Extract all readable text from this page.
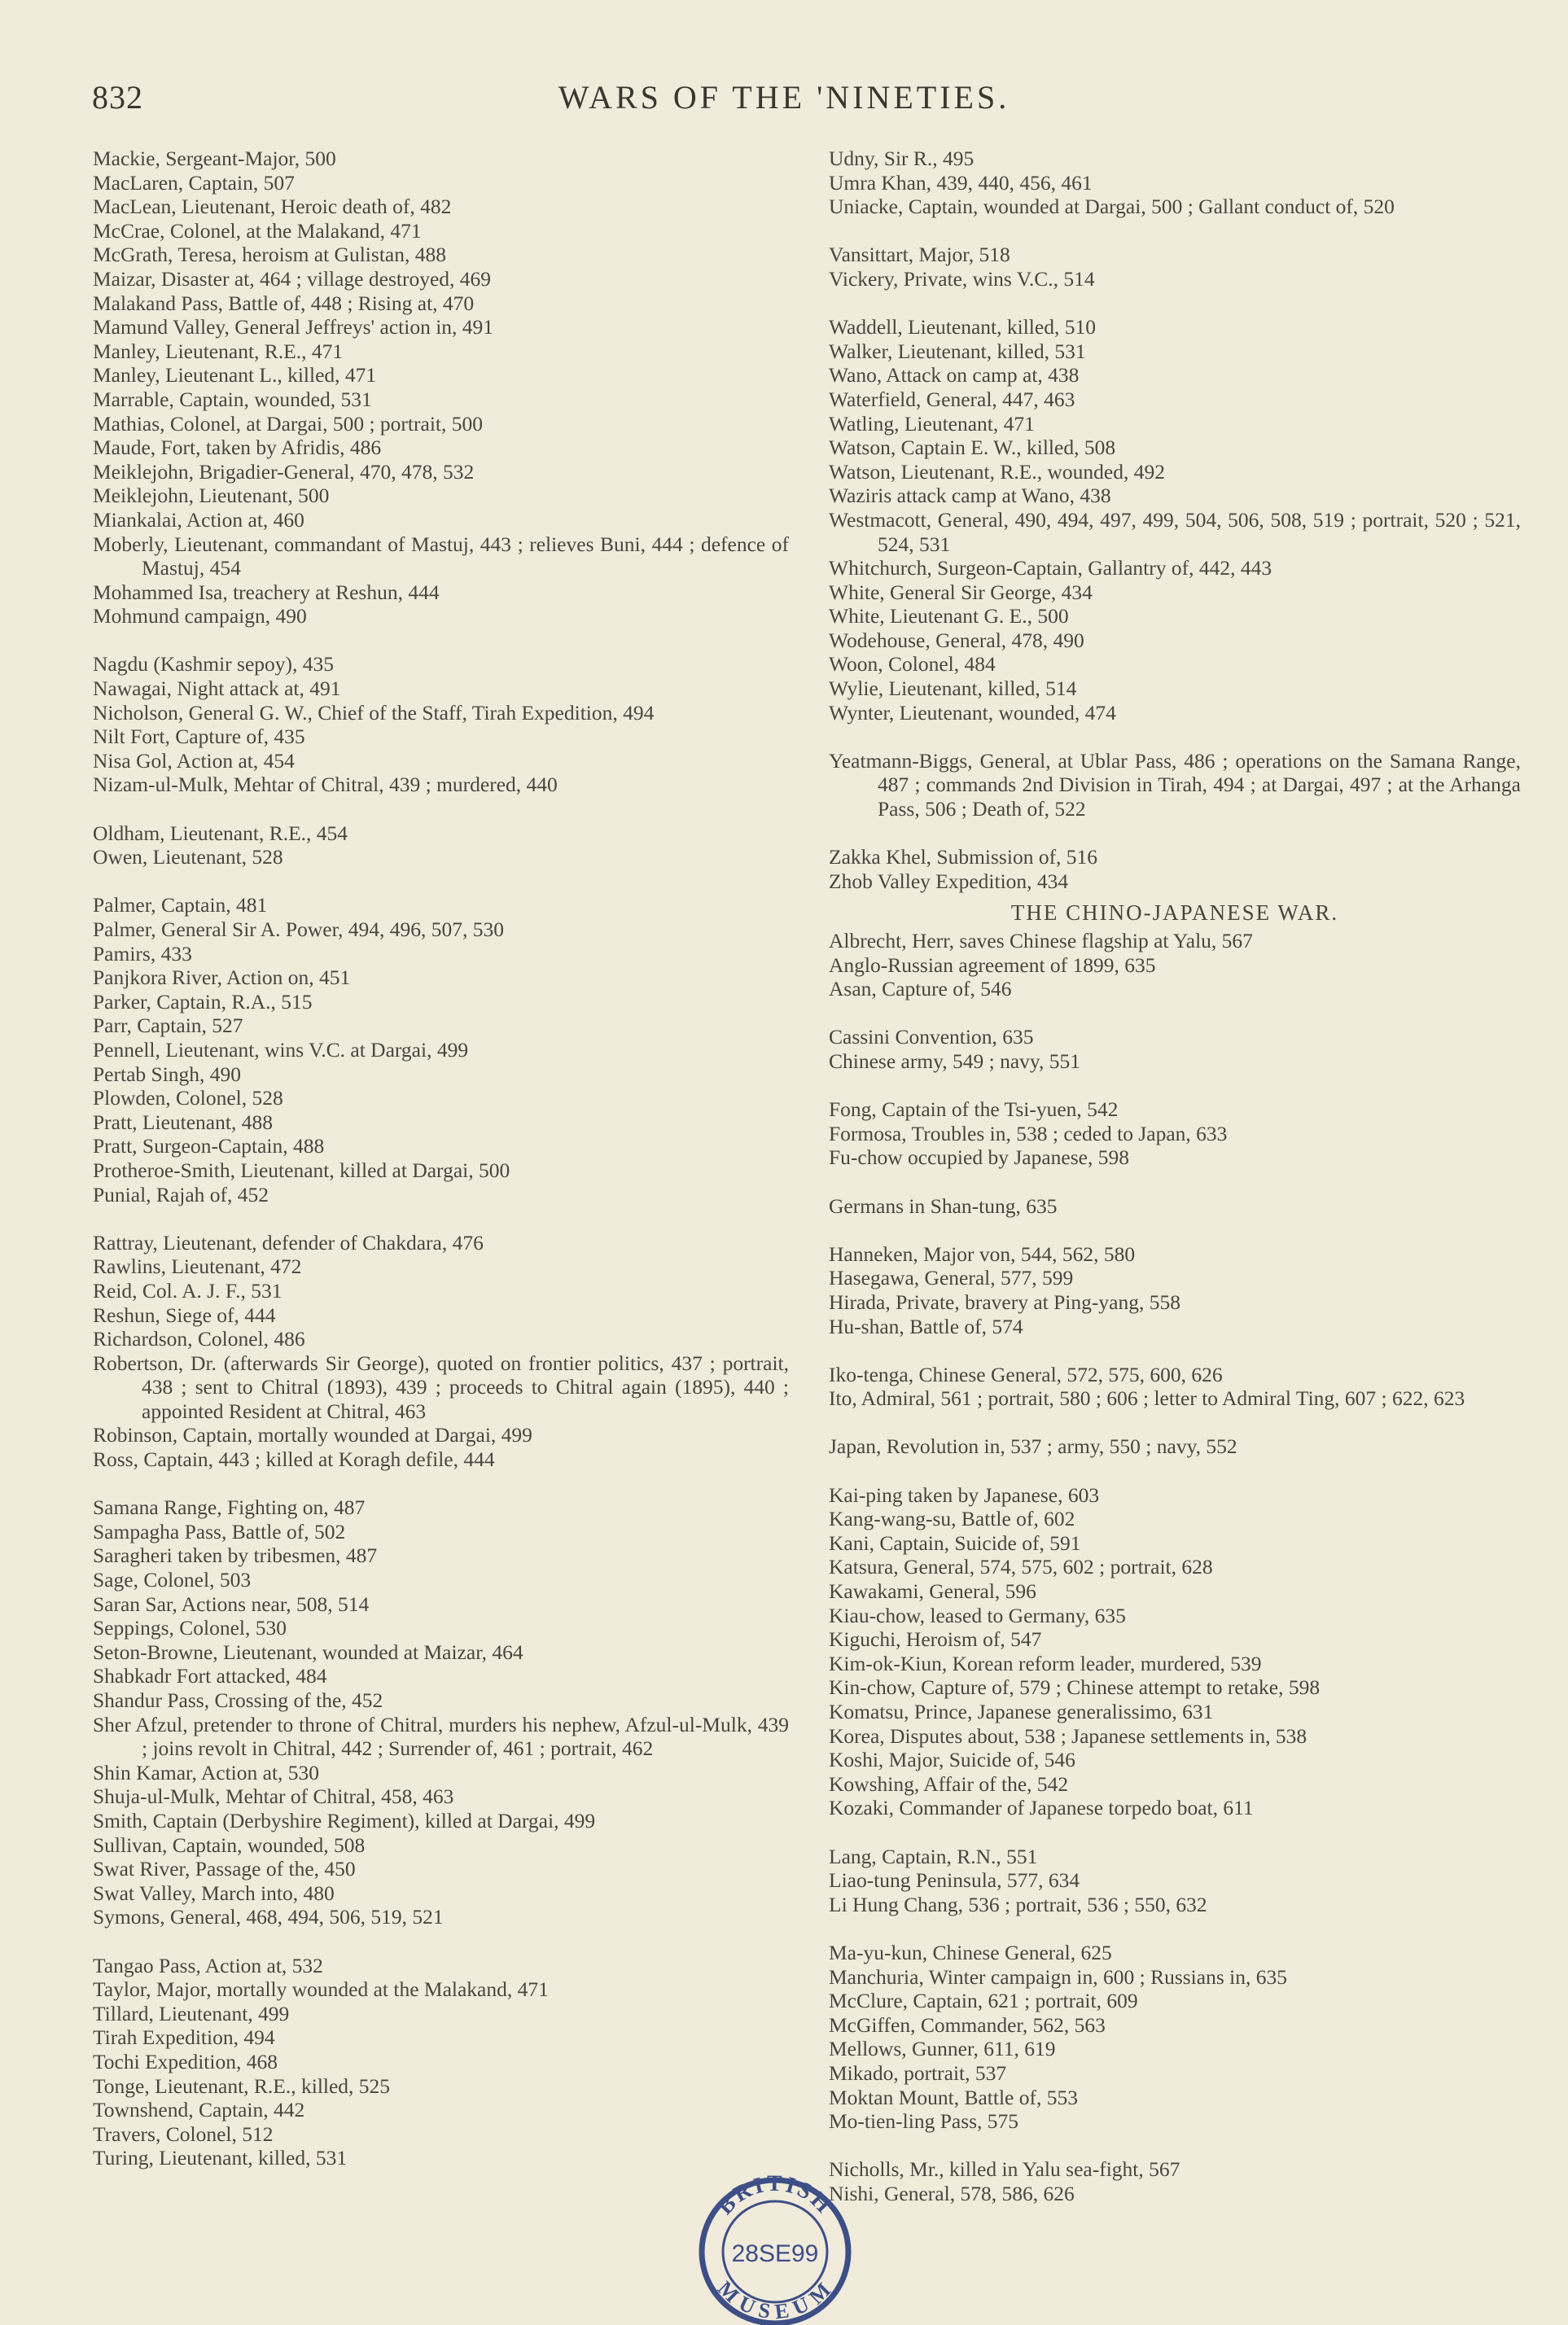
832	WARS OF THE 'NINETIES.
Mackie, Sergeant-Major, 500
MacLaren, Captain, 507
MacLean, Lieutenant, Heroic death of, 482
McCrae, Colonel, at the Malakand, 471
McGrath, Teresa, heroism at Gulistan, 488
Maizar, Disaster at, 464 ; village destroyed, 469
Malakand Pass, Battle of, 448 ; Rising at, 470
Mamund Valley, General Jeffreys' action in, 491
Manley, Lieutenant, R.E., 471
Manley, Lieutenant L., killed, 471
Marrable, Captain, wounded, 531
Mathias, Colonel, at Dargai, 500 ; portrait, 500
Maude, Fort, taken by Afridis, 486
Meiklejohn, Brigadier-General, 470, 478, 532
Meiklejohn, Lieutenant, 500
Miankalai, Action at, 460
Moberly, Lieutenant, commandant of Mastuj, 443 ; relieves Buni, 444 ; defence of Mastuj, 454
Mohammed Isa, treachery at Reshun, 444
Mohmund campaign, 490
Nagdu (Kashmir sepoy), 435
Nawagai, Night attack at, 491
Nicholson, General G. W., Chief of the Staff, Tirah Expedition, 494
Nilt Fort, Capture of, 435
Nisa Gol, Action at, 454
Nizam-ul-Mulk, Mehtar of Chitral, 439 ; murdered, 440
Oldham, Lieutenant, R.E., 454
Owen, Lieutenant, 528
Palmer, Captain, 481
Palmer, General Sir A. Power, 494, 496, 507, 530
Pamirs, 433
Panjkora River, Action on, 451
Parker, Captain, R.A., 515
Parr, Captain, 527
Pennell, Lieutenant, wins V.C. at Dargai, 499
Pertab Singh, 490
Plowden, Colonel, 528
Pratt, Lieutenant, 488
Pratt, Surgeon-Captain, 488
Protheroe-Smith, Lieutenant, killed at Dargai, 500
Punial, Rajah of, 452
Rattray, Lieutenant, defender of Chakdara, 476
Rawlins, Lieutenant, 472
Reid, Col. A. J. F., 531
Reshun, Siege of, 444
Richardson, Colonel, 486
Robertson, Dr. (afterwards Sir George), quoted on frontier politics, 437 ; portrait, 438 ; sent to Chitral (1893), 439 ; proceeds to Chitral again (1895), 440 ; appointed Resident at Chitral, 463
Robinson, Captain, mortally wounded at Dargai, 499
Ross, Captain, 443 ; killed at Koragh defile, 444
Samana Range, Fighting on, 487
Sampagha Pass, Battle of, 502
Saragheri taken by tribesmen, 487
Sage, Colonel, 503
Saran Sar, Actions near, 508, 514
Seppings, Colonel, 530
Seton-Browne, Lieutenant, wounded at Maizar, 464
Shabkadr Fort attacked, 484
Shandur Pass, Crossing of the, 452
Sher Afzul, pretender to throne of Chitral, murders his nephew, Afzul-ul-Mulk, 439 ; joins revolt in Chitral, 442 ; Surrender of, 461 ; portrait, 462
Shin Kamar, Action at, 530
Shuja-ul-Mulk, Mehtar of Chitral, 458, 463
Smith, Captain (Derbyshire Regiment), killed at Dargai, 499
Sullivan, Captain, wounded, 508
Swat River, Passage of the, 450
Swat Valley, March into, 480
Symons, General, 468, 494, 506, 519, 521
Tangao Pass, Action at, 532
Taylor, Major, mortally wounded at the Malakand, 471
Tillard, Lieutenant, 499
Tirah Expedition, 494
Tochi Expedition, 468
Tonge, Lieutenant, R.E., killed, 525
Townshend, Captain, 442
Travers, Colonel, 512
Turing, Lieutenant, killed, 531
Udny, Sir R., 495
Umra Khan, 439, 440, 456, 461
Uniacke, Captain, wounded at Dargai, 500 ; Gallant conduct of, 520
Vansittart, Major, 518
Vickery, Private, wins V.C., 514
Waddell, Lieutenant, killed, 510
Walker, Lieutenant, killed, 531
Wano, Attack on camp at, 438
Waterfield, General, 447, 463
Watling, Lieutenant, 471
Watson, Captain E. W., killed, 508
Watson, Lieutenant, R.E., wounded, 492
Waziris attack camp at Wano, 438
Westmacott, General, 490, 494, 497, 499, 504, 506, 508, 519 ; portrait, 520 ; 521, 524, 531
Whitchurch, Surgeon-Captain, Gallantry of, 442, 443
White, General Sir George, 434
White, Lieutenant G. E., 500
Wodehouse, General, 478, 490
Woon, Colonel, 484
Wylie, Lieutenant, killed, 514
Wynter, Lieutenant, wounded, 474
Yeatmann-Biggs, General, at Ublar Pass, 486 ; operations on the Samana Range, 487 ; commands 2nd Division in Tirah, 494 ; at Dargai, 497 ; at the Arhanga Pass, 506 ; Death of, 522
Zakka Khel, Submission of, 516
Zhob Valley Expedition, 434
THE CHINO-JAPANESE WAR.
Albrecht, Herr, saves Chinese flagship at Yalu, 567
Anglo-Russian agreement of 1899, 635
Asan, Capture of, 546
Cassini Convention, 635
Chinese army, 549 ; navy, 551
Fong, Captain of the Tsi-yuen, 542
Formosa, Troubles in, 538 ; ceded to Japan, 633
Fu-chow occupied by Japanese, 598
Germans in Shan-tung, 635
Hanneken, Major von, 544, 562, 580
Hasegawa, General, 577, 599
Hirada, Private, bravery at Ping-yang, 558
Hu-shan, Battle of, 574
Iko-tenga, Chinese General, 572, 575, 600, 626
Ito, Admiral, 561 ; portrait, 580 ; 606 ; letter to Admiral Ting, 607 ; 622, 623
Japan, Revolution in, 537 ; army, 550 ; navy, 552
Kai-ping taken by Japanese, 603
Kang-wang-su, Battle of, 602
Kani, Captain, Suicide of, 591
Katsura, General, 574, 575, 602 ; portrait, 628
Kawakami, General, 596
Kiau-chow, leased to Germany, 635
Kiguchi, Heroism of, 547
Kim-ok-Kiun, Korean reform leader, murdered, 539
Kin-chow, Capture of, 579 ; Chinese attempt to retake, 598
Komatsu, Prince, Japanese generalissimo, 631
Korea, Disputes about, 538 ; Japanese settlements in, 538
Koshi, Major, Suicide of, 546
Kowshing, Affair of the, 542
Kozaki, Commander of Japanese torpedo boat, 611
Lang, Captain, R.N., 551
Liao-tung Peninsula, 577, 634
Li Hung Chang, 536 ; portrait, 536 ; 550, 632
Ma-yu-kun, Chinese General, 625
Manchuria, Winter campaign in, 600 ; Russians in, 635
McClure, Captain, 621 ; portrait, 609
McGiffen, Commander, 562, 563
Mellows, Gunner, 611, 619
Mikado, portrait, 537
Moktan Mount, Battle of, 553
Mo-tien-ling Pass, 575
Nicholls, Mr., killed in Yalu sea-fight, 567
Nishi, General, 578, 586, 626
BRITISH
28SE99
MUSEUM
